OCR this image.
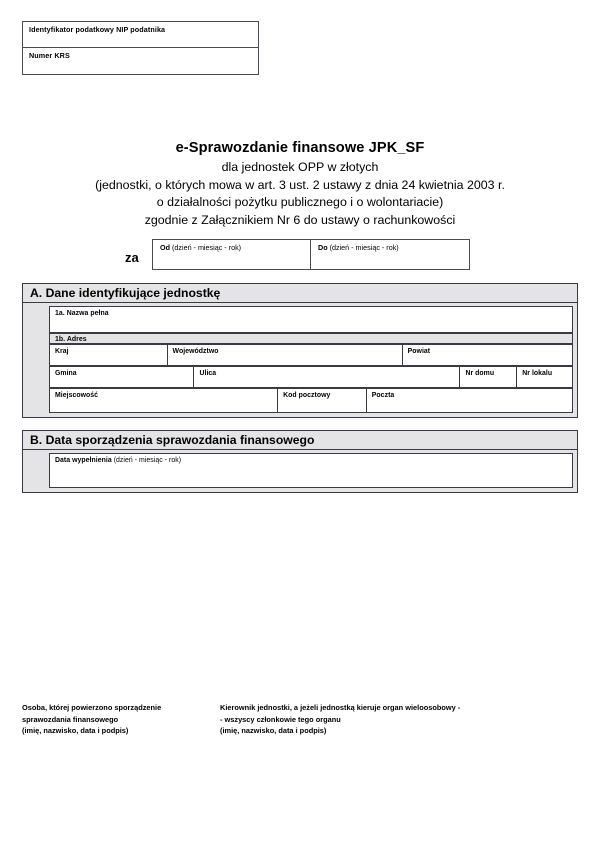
Identyfikator podatkowy NIP podatnika
Numer KRS
e-Sprawozdanie finansowe JPK_SF
dla jednostek OPP w złotych
(jednostki, o których mowa w art. 3 ust. 2 ustawy z dnia 24 kwietnia 2003 r.
o działalności pożytku publicznego i o wolontariacie)
zgodnie z Załącznikiem Nr 6 do ustawy o rachunkowości
za
Od (dzień - miesiąc - rok)	Do (dzień - miesiąc - rok)
A. Dane identyfikujące jednostkę
1a. Nazwa pełna
1b. Adres
Kraj	Województwo	Powiat
Gmina	Ulica	Nr domu	Nr lokalu
Miejscowość	Kod pocztowy	Poczta
B. Data sporządzenia sprawozdania finansowego
Data wypełnienia (dzień - miesiąc - rok)
Osoba, której powierzono sporządzenie
sprawozdania finansowego
(imię, nazwisko, data i podpis)
Kierownik jednostki, a jeżeli jednostką kieruje organ wieloosobowy -
- wszyscy członkowie tego organu
(imię, nazwisko, data i podpis)
